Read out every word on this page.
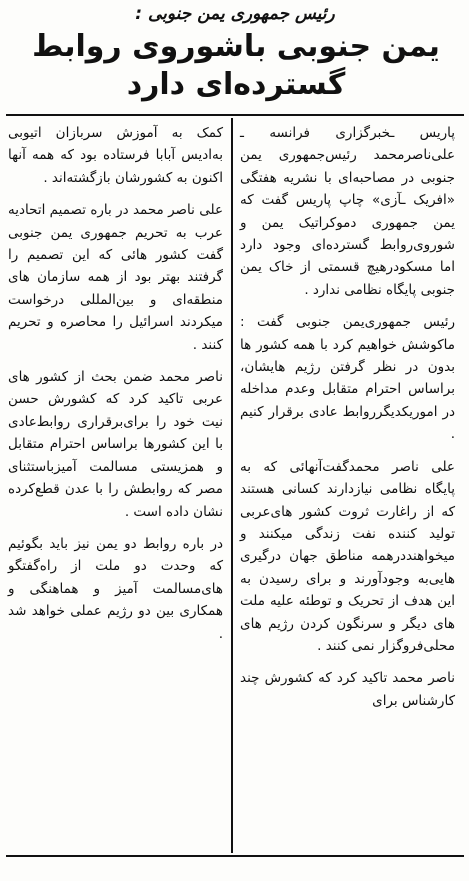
رئیس جمهوری یمن جنوبی :
یمن جنوبی باشوروی روابط
گسترده‌ای دارد

پاریس ـخبرگزاری فرانسه ـ علی‌ناصرمحمد رئیس‌جمهوری یمن جنوبی در مصاحبه‌ای با نشریه هفتگی «افریک ـآزی» چاپ پاریس گفت که یمن جمهوری دموکراتیک یمن و شوروی‌روابط گسترده‌ای وجود دارد اما مسکودرهیچ قسمتی از خاک یمن جنوبی پایگاه نظامی ندارد .

رئیس جمهوری‌یمن جنوبی گفت : ماکوشش خواهیم کرد با همه کشور ها بدون در نظر گرفتن رژیم هایشان، براساس احترام متقابل وعدم مداخله در اموریکدیگرروابط عادی برقرار کنیم .

علی ناصر محمدگفت‌آنهائی که به‌ پایگاه نظامی نیازدارند کسانی هستند که از راغارت ثروت کشور های‌عربی تولید کننده نفت زندگی میکنند و میخواهنددرهمه مناطق جهان درگیری هایی‌به وجودآورند و برای رسیدن به این هدف از تحریک و توطئه علیه ملت های دیگر و سرنگون کردن رژیم های محلی‌فروگزار نمی کنند .

ناصر محمد تاکید کرد که کشورش چند کارشناس برای

کمک به آموزش سربازان اتیوبی به‌ادیس آبابا فرستاده بود که همه آنها اکنون به کشورشان بازگشته‌اند .

علی ناصر محمد در باره تصمیم اتحادیه عرب به تحریم جمهوری یمن جنوبی گفت کشور هائی که این تصمیم را گرفتند بهتر بود از همه سازمان های منطقه‌ای و بین‌المللی درخواست میکردند اسرائیل را محاصره و تحریم کنند .

ناصر محمد ضمن بحث از کشور های عربی تاکید کرد که کشورش حسن نیت خود را برای‌برقراری روابط‌عادی با این کشورها براساس احترام متقابل و همزیستی مسالمت آمیزباستثنای مصر که روابطش را با عدن قطع‌کرده نشان داده است .

در باره روابط دو یمن نیز باید بگوئیم که وحدت دو ملت از راه‌گفتگو های‌مسالمت آمیز و هماهنگی و همکاری بین دو رژیم عملی خواهد شد .
